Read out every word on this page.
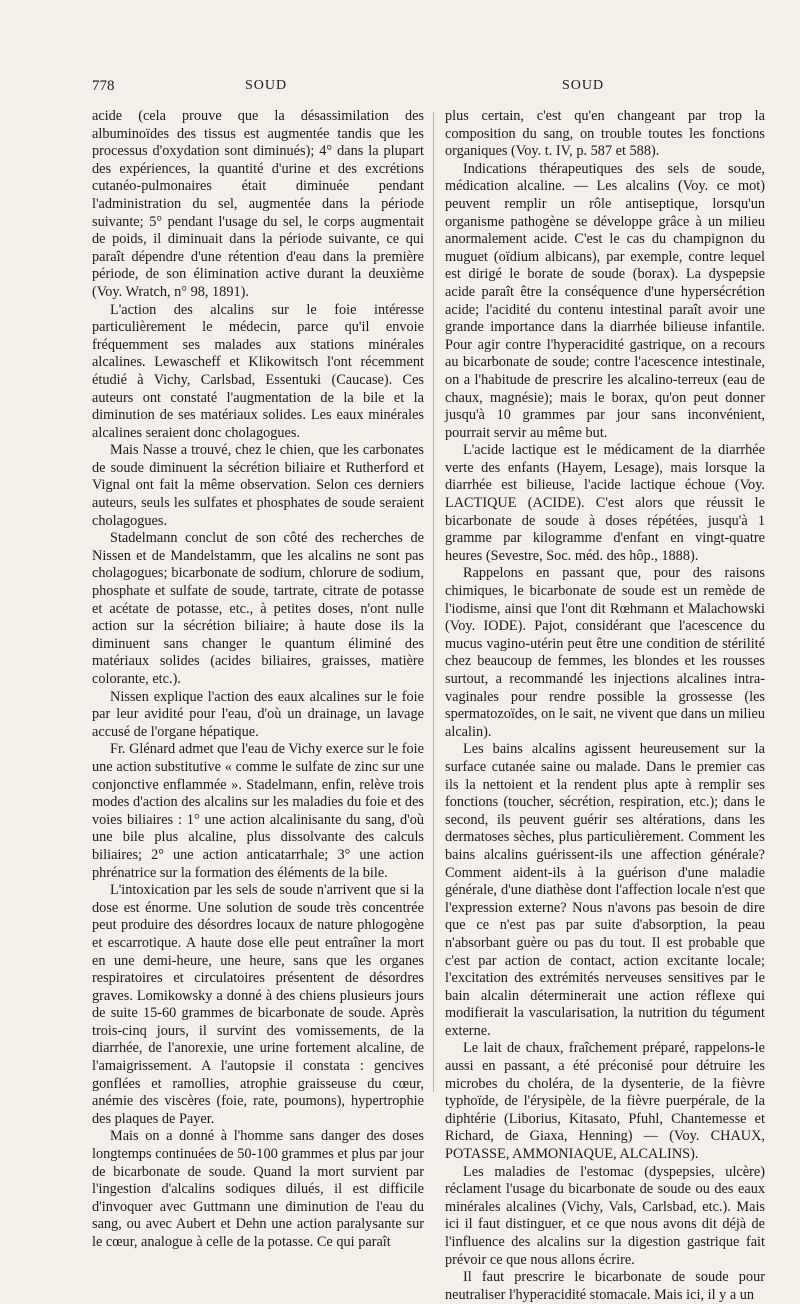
778	SOUD	SOUD

acide (cela prouve que la désassimilation des albuminoïdes des tissus est augmentée tandis que les processus d'oxydation sont diminués); 4° dans la plupart des expériences, la quantité d'urine et des excrétions cutanéo-pulmonaires était diminuée pendant l'administration du sel, augmentée dans la période suivante; 5° pendant l'usage du sel, le corps augmentait de poids, il diminuait dans la période suivante, ce qui paraît dépendre d'une rétention d'eau dans la première période, de son élimination active durant la deuxième (Voy. Wratch, n° 98, 1891).

L'action des alcalins sur le foie intéresse particulièrement le médecin, parce qu'il envoie fréquemment ses malades aux stations minérales alcalines. Lewascheff et Klikowitsch l'ont récemment étudié à Vichy, Carlsbad, Essentuki (Caucase). Ces auteurs ont constaté l'augmentation de la bile et la diminution de ses matériaux solides. Les eaux minérales alcalines seraient donc cholagogues.

Mais Nasse a trouvé, chez le chien, que les carbonates de soude diminuent la sécrétion biliaire et Rutherford et Vignal ont fait la même observation. Selon ces derniers auteurs, seuls les sulfates et phosphates de soude seraient cholagogues.

Stadelmann conclut de son côté des recherches de Nissen et de Mandelstamm, que les alcalins ne sont pas cholagogues; bicarbonate de sodium, chlorure de sodium, phosphate et sulfate de soude, tartrate, citrate de potasse et acétate de potasse, etc., à petites doses, n'ont nulle action sur la sécrétion biliaire; à haute dose ils la diminuent sans changer le quantum éliminé des matériaux solides (acides biliaires, graisses, matière colorante, etc.).

Nissen explique l'action des eaux alcalines sur le foie par leur avidité pour l'eau, d'où un drainage, un lavage accusé de l'organe hépatique.

Fr. Glénard admet que l'eau de Vichy exerce sur le foie une action substitutive « comme le sulfate de zinc sur une conjonctive enflammée ». Stadelmann, enfin, relève trois modes d'action des alcalins sur les maladies du foie et des voies biliaires : 1° une action alcalinisante du sang, d'où une bile plus alcaline, plus dissolvante des calculs biliaires; 2° une action anticatarrhale; 3° une action phrénatrice sur la formation des éléments de la bile.

L'intoxication par les sels de soude n'arrivent que si la dose est énorme. Une solution de soude très concentrée peut produire des désordres locaux de nature phlogogène et escarrotique. A haute dose elle peut entraîner la mort en une demi-heure, une heure, sans que les organes respiratoires et circulatoires présentent de désordres graves. Lomikowsky a donné à des chiens plusieurs jours de suite 15-60 grammes de bicarbonate de soude. Après trois-cinq jours, il survint des vomissements, de la diarrhée, de l'anorexie, une urine fortement alcaline, de l'amaigrissement. A l'autopsie il constata : gencives gonflées et ramollies, atrophie graisseuse du cœur, anémie des viscères (foie, rate, poumons), hypertrophie des plaques de Payer.

Mais on a donné à l'homme sans danger des doses longtemps continuées de 50-100 grammes et plus par jour de bicarbonate de soude. Quand la mort survient par l'ingestion d'alcalins sodiques dilués, il est difficile d'invoquer avec Guttmann une diminution de l'eau du sang, ou avec Aubert et Dehn une action paralysante sur le cœur, analogue à celle de la potasse. Ce qui paraît

plus certain, c'est qu'en changeant par trop la composition du sang, on trouble toutes les fonctions organiques (Voy. t. IV, p. 587 et 588).

Indications thérapeutiques des sels de soude, médication alcaline. — Les alcalins (Voy. ce mot) peuvent remplir un rôle antiseptique, lorsqu'un organisme pathogène se développe grâce à un milieu anormalement acide. C'est le cas du champignon du muguet (oïdium albicans), par exemple, contre lequel est dirigé le borate de soude (borax). La dyspepsie acide paraît être la conséquence d'une hypersécrétion acide; l'acidité du contenu intestinal paraît avoir une grande importance dans la diarrhée bilieuse infantile. Pour agir contre l'hyperacidité gastrique, on a recours au bicarbonate de soude; contre l'acescence intestinale, on a l'habitude de prescrire les alcalino-terreux (eau de chaux, magnésie); mais le borax, qu'on peut donner jusqu'à 10 grammes par jour sans inconvénient, pourrait servir au même but.

L'acide lactique est le médicament de la diarrhée verte des enfants (Hayem, Lesage), mais lorsque la diarrhée est bilieuse, l'acide lactique échoue (Voy. LACTIQUE (ACIDE). C'est alors que réussit le bicarbonate de soude à doses répétées, jusqu'à 1 gramme par kilogramme d'enfant en vingt-quatre heures (Sevestre, Soc. méd. des hôp., 1888).

Rappelons en passant que, pour des raisons chimiques, le bicarbonate de soude est un remède de l'iodisme, ainsi que l'ont dit Rœhmann et Malachowski (Voy. IODE). Pajot, considérant que l'acescence du mucus vagino-utérin peut être une condition de stérilité chez beaucoup de femmes, les blondes et les rousses surtout, a recommandé les injections alcalines intra-vaginales pour rendre possible la grossesse (les spermatozoïdes, on le sait, ne vivent que dans un milieu alcalin).

Les bains alcalins agissent heureusement sur la surface cutanée saine ou malade. Dans le premier cas ils la nettoient et la rendent plus apte à remplir ses fonctions (toucher, sécrétion, respiration, etc.); dans le second, ils peuvent guérir ses altérations, dans les dermatoses sèches, plus particulièrement. Comment les bains alcalins guérissent-ils une affection générale? Comment aident-ils à la guérison d'une maladie générale, d'une diathèse dont l'affection locale n'est que l'expression externe? Nous n'avons pas besoin de dire que ce n'est pas par suite d'absorption, la peau n'absorbant guère ou pas du tout. Il est probable que c'est par action de contact, action excitante locale; l'excitation des extrémités nerveuses sensitives par le bain alcalin déterminerait une action réflexe qui modifierait la vascularisation, la nutrition du tégument externe.

Le lait de chaux, fraîchement préparé, rappelons-le aussi en passant, a été préconisé pour détruire les microbes du choléra, de la dysenterie, de la fièvre typhoïde, de l'érysipèle, de la fièvre puerpérale, de la diphtérie (Liborius, Kitasato, Pfuhl, Chantemesse et Richard, de Giaxa, Henning) — (Voy. CHAUX, POTASSE, AMMONIAQUE, ALCALINS).

Les maladies de l'estomac (dyspepsies, ulcère) réclament l'usage du bicarbonate de soude ou des eaux minérales alcalines (Vichy, Vals, Carlsbad, etc.). Mais ici il faut distinguer, et ce que nous avons dit déjà de l'influence des alcalins sur la digestion gastrique fait prévoir ce que nous allons écrire.

Il faut prescrire le bicarbonate de soude pour neutraliser l'hyperacidité stomacale. Mais ici, il y a un
